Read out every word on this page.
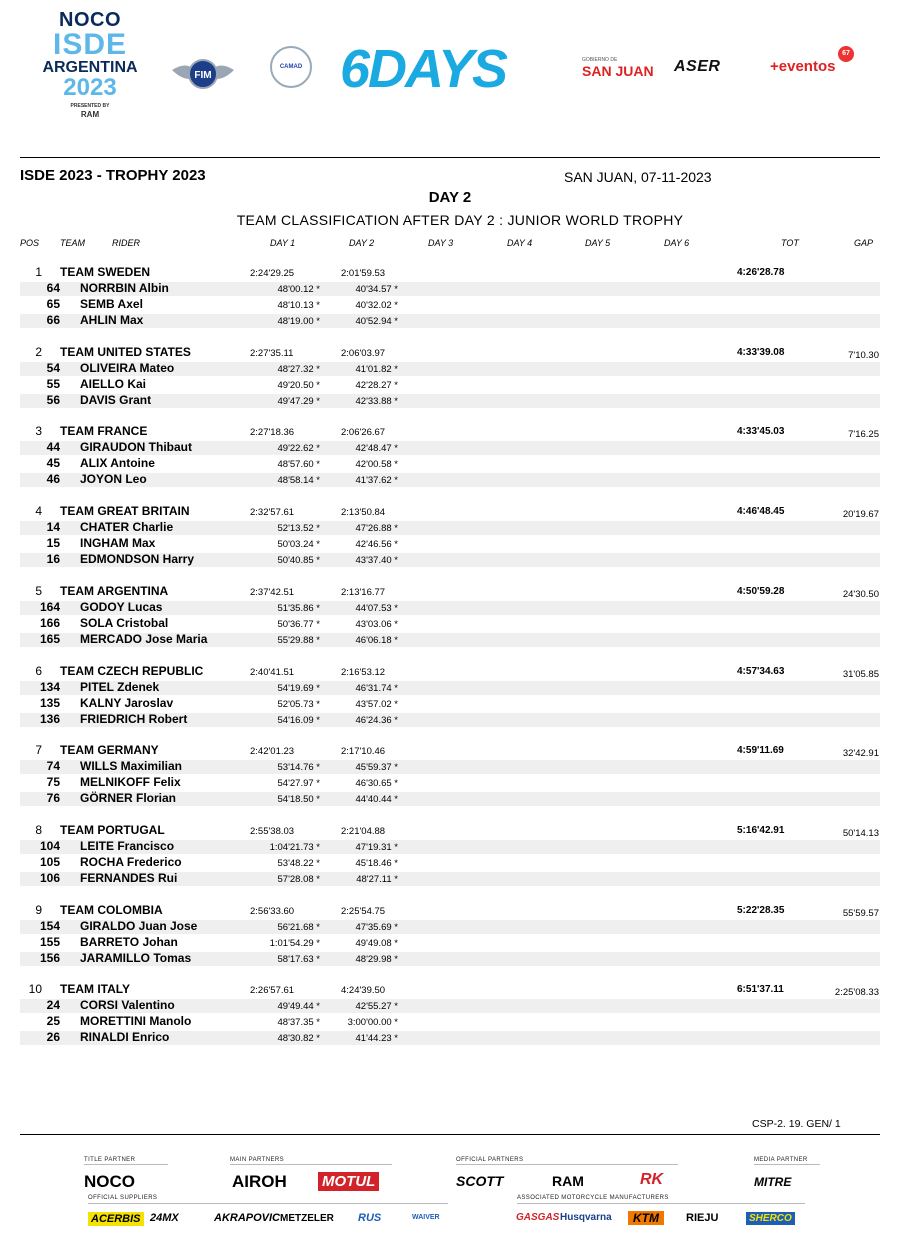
NOCO
ISDE
ARGENTINA
2023
PRESENTED BY
RAM
FIM
CAMAD 6DAYS	GOBIERNO DE
SAN JUAN ASER	+eventos
67
ISDE 2023 - TROPHY 2023	SAN JUAN, 07-11-2023
DAY 2
TEAM CLASSIFICATION AFTER DAY 2 : JUNIOR WORLD TROPHY
POS TEAM	RIDER	DAY 1	DAY 2	DAY 3	DAY 4	DAY 5	DAY 6	TOT	GAP
1 TEAM SWEDEN	2:24'29.25	2:01'59.53	4:26'28.78
64 NORRBIN Albin	48'00.12 *	40'34.57 *
65 SEMB Axel	48'10.13 *	40'32.02 *
66 AHLIN Max	48'19.00 *	40'52.94 *
2 TEAM UNITED STATES	2:27'35.11	2:06'03.97	4:33'39.08	7'10.30
54 OLIVEIRA Mateo	48'27.32 *	41'01.82 *
55 AIELLO Kai	49'20.50 *	42'28.27 *
56 DAVIS Grant	49'47.29 *	42'33.88 *
3 TEAM FRANCE	2:27'18.36	2:06'26.67	4:33'45.03	7'16.25
44 GIRAUDON Thibaut	49'22.62 *	42'48.47 *
45 ALIX Antoine	48'57.60 *	42'00.58 *
46 JOYON Leo	48'58.14 *	41'37.62 *
4 TEAM GREAT BRITAIN	2:32'57.61	2:13'50.84	4:46'48.45	20'19.67
14 CHATER Charlie	52'13.52 *	47'26.88 *
15 INGHAM Max	50'03.24 *	42'46.56 *
16 EDMONDSON Harry	50'40.85 *	43'37.40 *
5 TEAM ARGENTINA	2:37'42.51	2:13'16.77	4:50'59.28	24'30.50
164 GODOY Lucas	51'35.86 *	44'07.53 *
166 SOLA Cristobal	50'36.77 *	43'03.06 *
165 MERCADO Jose Maria	55'29.88 *	46'06.18 *
6 TEAM CZECH REPUBLIC	2:40'41.51	2:16'53.12	4:57'34.63	31'05.85
134 PITEL Zdenek	54'19.69 *	46'31.74 *
135 KALNY Jaroslav	52'05.73 *	43'57.02 *
136 FRIEDRICH Robert	54'16.09 *	46'24.36 *
7 TEAM GERMANY	2:42'01.23	2:17'10.46	4:59'11.69	32'42.91
74 WILLS Maximilian	53'14.76 *	45'59.37 *
75 MELNIKOFF Felix	54'27.97 *	46'30.65 *
76 GÖRNER Florian	54'18.50 *	44'40.44 *
8 TEAM PORTUGAL	2:55'38.03	2:21'04.88	5:16'42.91	50'14.13
104 LEITE Francisco	1:04'21.73 *	47'19.31 *
105 ROCHA Frederico	53'48.22 *	45'18.46 *
106 FERNANDES Rui	57'28.08 *	48'27.11 *
9 TEAM COLOMBIA	2:56'33.60	2:25'54.75	5:22'28.35	55'59.57
154 GIRALDO Juan Jose	56'21.68 *	47'35.69 *
155 BARRETO Johan	1:01'54.29 *	49'49.08 *
156 JARAMILLO Tomas	58'17.63 *	48'29.98 *
10 TEAM ITALY	2:26'57.61	4:24'39.50	6:51'37.11	2:25'08.33
24 CORSI Valentino	49'49.44 *	42'55.27 *
25 MORETTINI Manolo	48'37.35 *	3:00'00.00 *
26 RINALDI Enrico	48'30.82 *	41'44.23 *
CSP-2. 19. GEN/ 1
TITLE PARTNER
NOCO
MAIN PARTNERS
AIROH MOTUL
OFFICIAL PARTNERS
SCOTT	RAM	RK
MEDIA PARTNER
MITRE
OFFICIAL SUPPLIERS
ACERBIS 24MX	AKRAPOVIC METZELER RUS	WAIVER
ASSOCIATED MOTORCYCLE MANUFACTURERS
GASGAS Husqvarna	KTM	RIEJU	SHERCO
